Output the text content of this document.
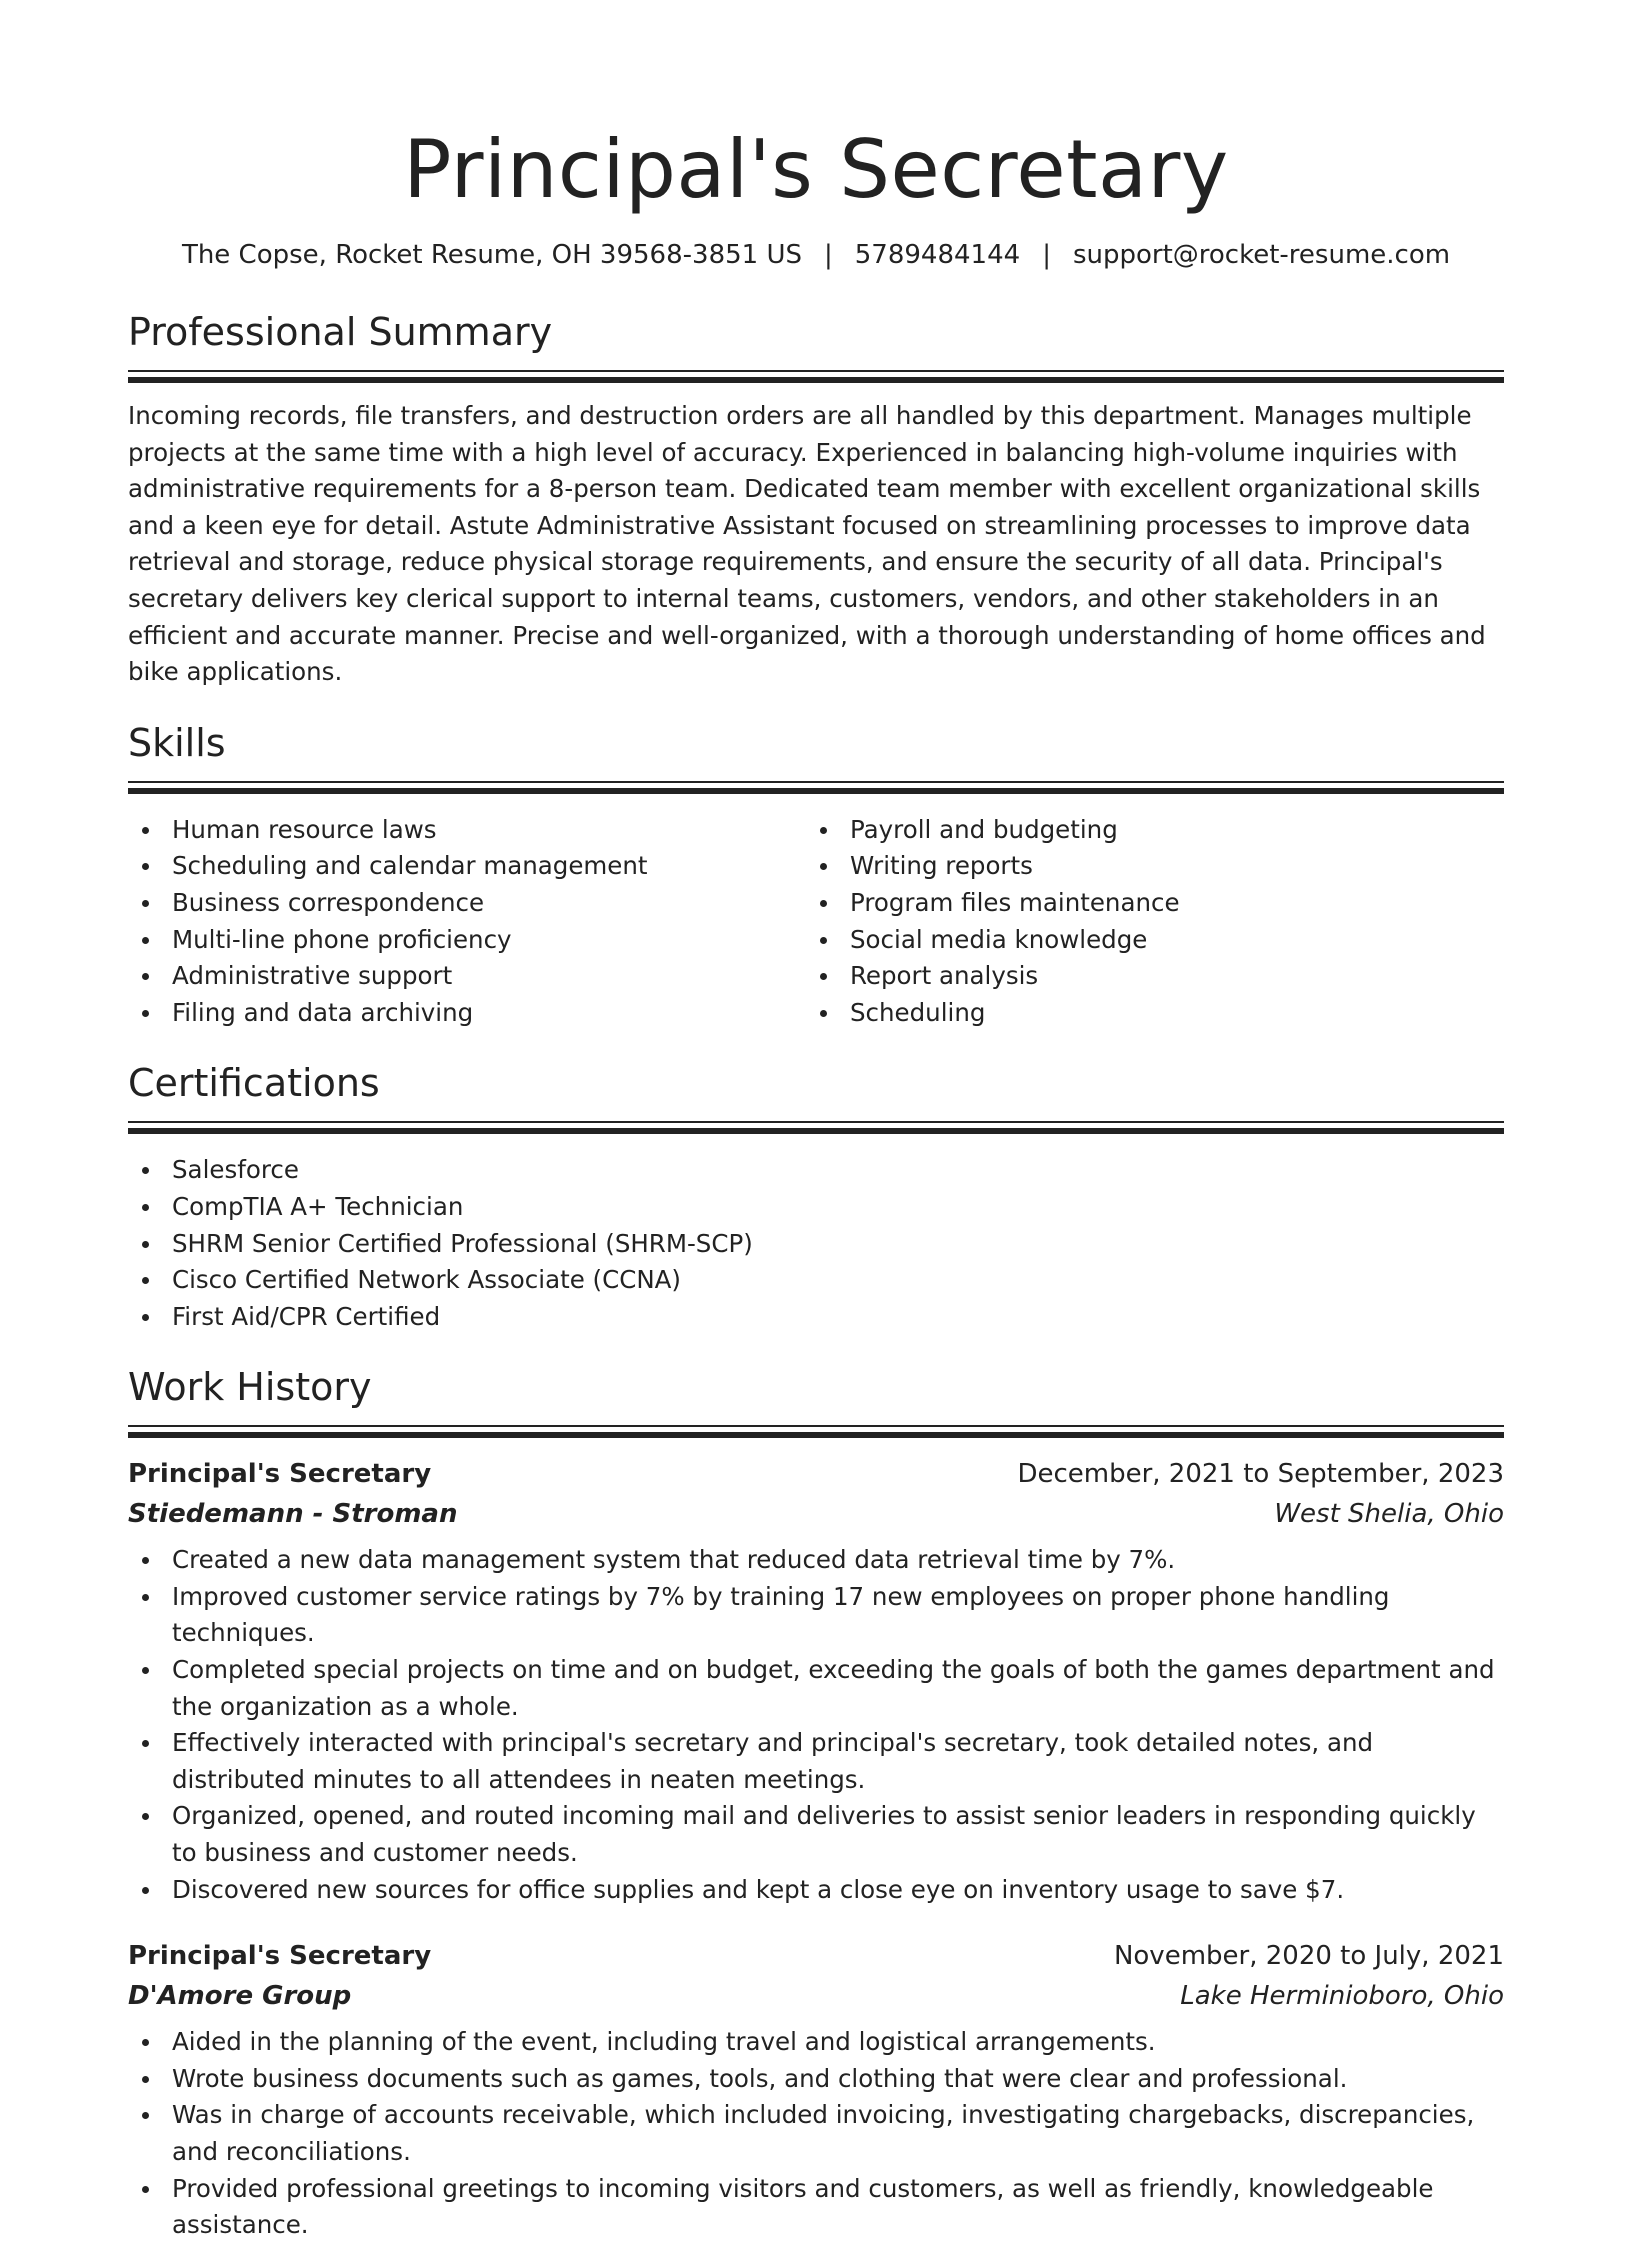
Principal's Secretary
The Copse, Rocket Resume, OH 39568-3851 US | 5789484144 | support@rocket-resume.com
Professional Summary
Incoming records, file transfers, and destruction orders are all handled by this department. Manages multiple projects at the same time with a high level of accuracy. Experienced in balancing high-volume inquiries with administrative requirements for a 8-person team. Dedicated team member with excellent organizational skills and a keen eye for detail. Astute Administrative Assistant focused on streamlining processes to improve data retrieval and storage, reduce physical storage requirements, and ensure the security of all data. Principal's secretary delivers key clerical support to internal teams, customers, vendors, and other stakeholders in an efficient and accurate manner. Precise and well-organized, with a thorough understanding of home offices and bike applications.
Skills
Human resource laws
Scheduling and calendar management
Business correspondence
Multi-line phone proficiency
Administrative support
Filing and data archiving
Payroll and budgeting
Writing reports
Program files maintenance
Social media knowledge
Report analysis
Scheduling
Certifications
Salesforce
CompTIA A+ Technician
SHRM Senior Certified Professional (SHRM-SCP)
Cisco Certified Network Associate (CCNA)
First Aid/CPR Certified
Work History
Principal's Secretary	December, 2021 to September, 2023
Stiedemann - Stroman	West Shelia, Ohio
Created a new data management system that reduced data retrieval time by 7%.
Improved customer service ratings by 7% by training 17 new employees on proper phone handling techniques.
Completed special projects on time and on budget, exceeding the goals of both the games department and the organization as a whole.
Effectively interacted with principal's secretary and principal's secretary, took detailed notes, and distributed minutes to all attendees in neaten meetings.
Organized, opened, and routed incoming mail and deliveries to assist senior leaders in responding quickly to business and customer needs.
Discovered new sources for office supplies and kept a close eye on inventory usage to save $7.
Principal's Secretary	November, 2020 to July, 2021
D'Amore Group	Lake Herminioboro, Ohio
Aided in the planning of the event, including travel and logistical arrangements.
Wrote business documents such as games, tools, and clothing that were clear and professional.
Was in charge of accounts receivable, which included invoicing, investigating chargebacks, discrepancies, and reconciliations.
Provided professional greetings to incoming visitors and customers, as well as friendly, knowledgeable assistance.
